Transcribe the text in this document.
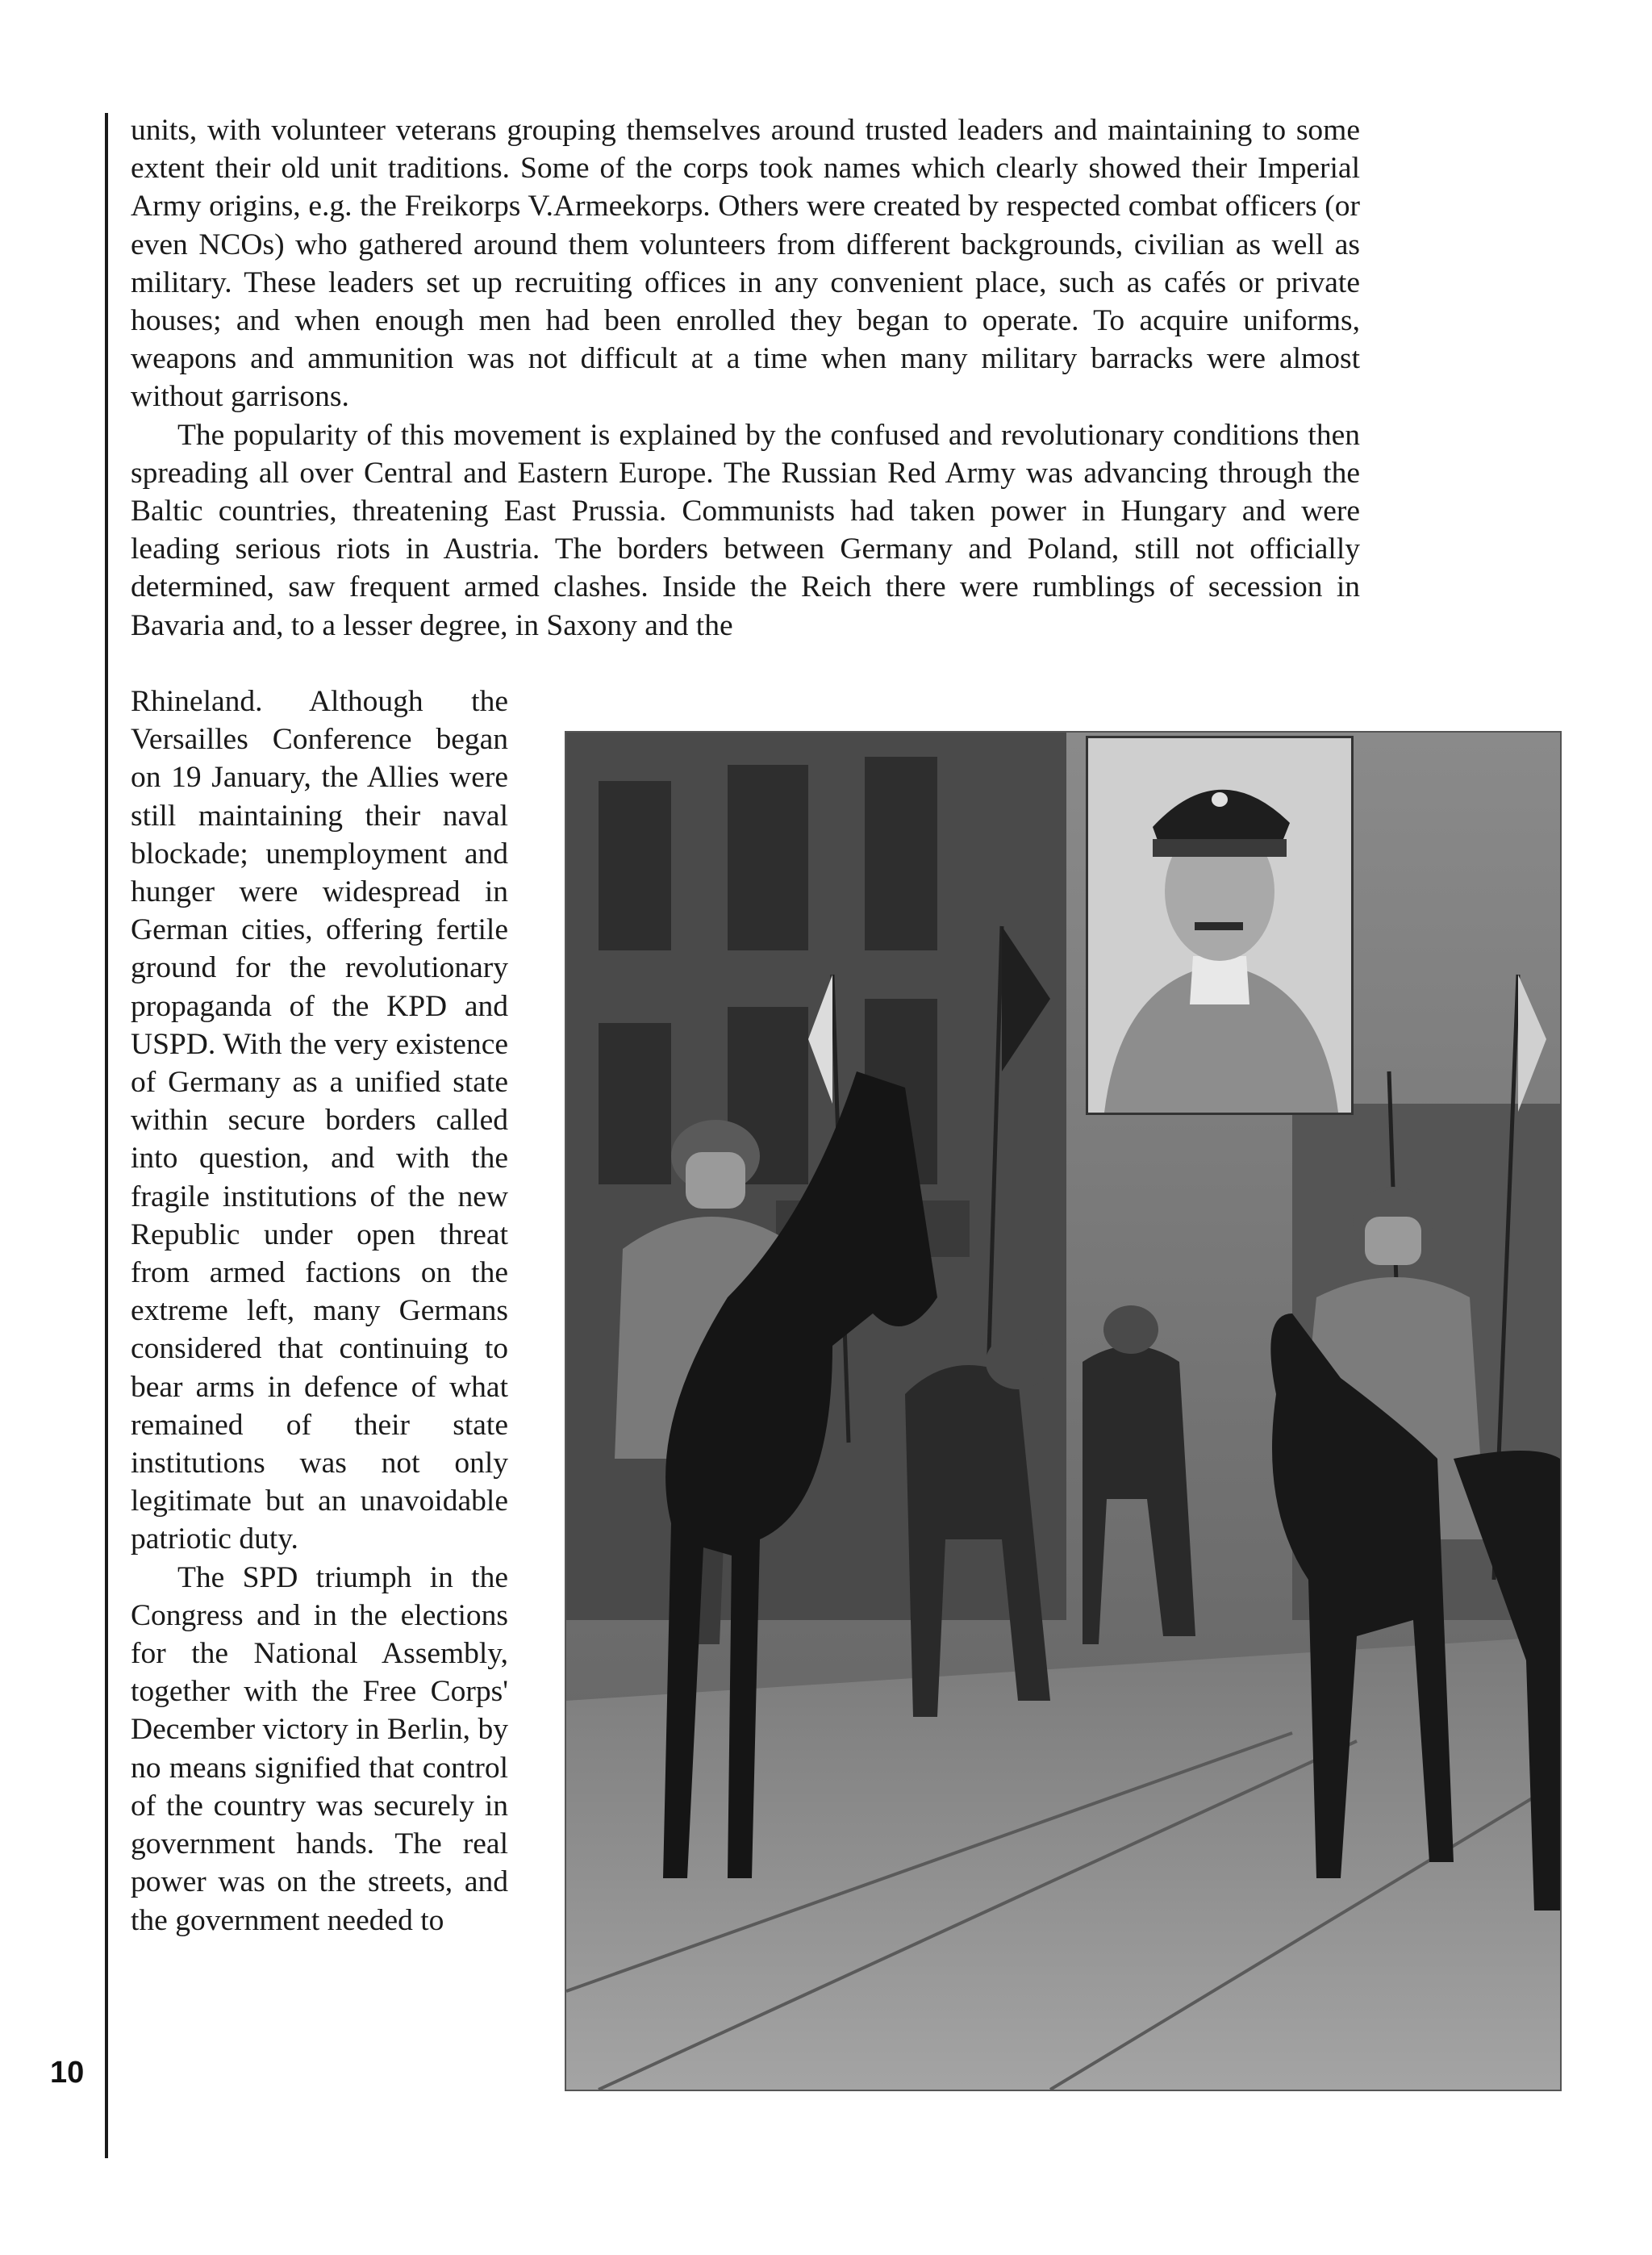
10

units, with volunteer veterans grouping themselves around trusted leaders and maintaining to some extent their old unit traditions. Some of the corps took names which clearly showed their Imperial Army origins, e.g. the Freikorps V.Armeekorps. Others were created by respected combat officers (or even NCOs) who gathered around them volunteers from different backgrounds, civilian as well as military. These leaders set up recruiting offices in any convenient place, such as cafés or private houses; and when enough men had been enrolled they began to operate. To acquire uniforms, weapons and ammunition was not difficult at a time when many military barracks were almost without garrisons.

The popularity of this movement is explained by the confused and revolutionary conditions then spreading all over Central and Eastern Europe. The Russian Red Army was advancing through the Baltic countries, threatening East Prussia. Communists had taken power in Hungary and were leading serious riots in Austria. The borders between Germany and Poland, still not officially determined, saw frequent armed clashes. Inside the Reich there were rumblings of secession in Bavaria and, to a lesser degree, in Saxony and the

Rhineland. Although the Versailles Conference began on 19 January, the Allies were still maintaining their naval blockade; unemployment and hunger were widespread in German cities, offering fertile ground for the revolutionary propaganda of the KPD and USPD. With the very existence of Germany as a unified state within secure borders called into question, and with the fragile institutions of the new Republic under open threat from armed factions on the extreme left, many Germans considered that continuing to bear arms in defence of what remained of their state institutions was not only legitimate but an unavoidable patriotic duty.

The SPD triumph in the Congress and in the elections for the National Assembly, together with the Free Corps' December victory in Berlin, by no means signified that control of the country was securely in government hands. The real power was on the streets, and the government needed to
